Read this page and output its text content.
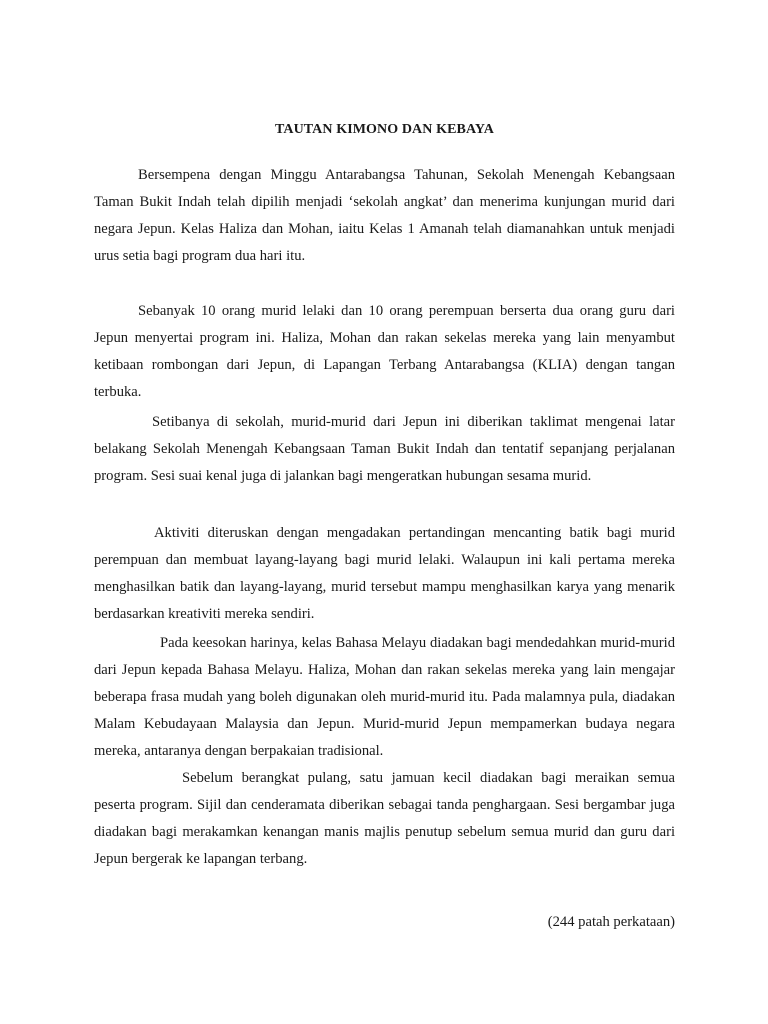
TAUTAN KIMONO DAN KEBAYA

Bersempena dengan Minggu Antarabangsa Tahunan, Sekolah Menengah Kebangsaan Taman Bukit Indah telah dipilih menjadi ‘sekolah angkat’ dan menerima kunjungan murid dari negara Jepun. Kelas Haliza dan Mohan, iaitu Kelas 1 Amanah telah diamanahkan untuk menjadi urus setia bagi program dua hari itu.

Sebanyak 10 orang murid lelaki dan 10 orang perempuan berserta dua orang guru dari Jepun menyertai program ini. Haliza, Mohan dan rakan sekelas mereka yang lain menyambut ketibaan rombongan dari Jepun, di Lapangan Terbang Antarabangsa (KLIA) dengan tangan terbuka.

Setibanya di sekolah, murid-murid dari Jepun ini diberikan taklimat mengenai latar belakang Sekolah Menengah Kebangsaan Taman Bukit Indah dan tentatif sepanjang perjalanan program. Sesi suai kenal juga di jalankan bagi mengeratkan hubungan sesama murid.

Aktiviti diteruskan dengan mengadakan pertandingan mencanting batik bagi murid perempuan dan membuat layang-layang bagi murid lelaki. Walaupun ini kali pertama mereka menghasilkan batik dan layang-layang, murid tersebut mampu menghasilkan karya yang menarik berdasarkan kreativiti mereka sendiri.

Pada keesokan harinya, kelas Bahasa Melayu diadakan bagi mendedahkan murid-murid dari Jepun kepada Bahasa Melayu. Haliza, Mohan dan rakan sekelas mereka yang lain mengajar beberapa frasa mudah yang boleh digunakan oleh murid-murid itu. Pada malamnya pula, diadakan Malam Kebudayaan Malaysia dan Jepun. Murid-murid Jepun mempamerkan budaya negara mereka, antaranya dengan berpakaian tradisional.

Sebelum berangkat pulang, satu jamuan kecil diadakan bagi meraikan semua peserta program. Sijil dan cenderamata diberikan sebagai tanda penghargaan. Sesi bergambar juga diadakan bagi merakamkan kenangan manis majlis penutup sebelum semua murid dan guru dari Jepun bergerak ke lapangan terbang.

(244 patah perkataan)
